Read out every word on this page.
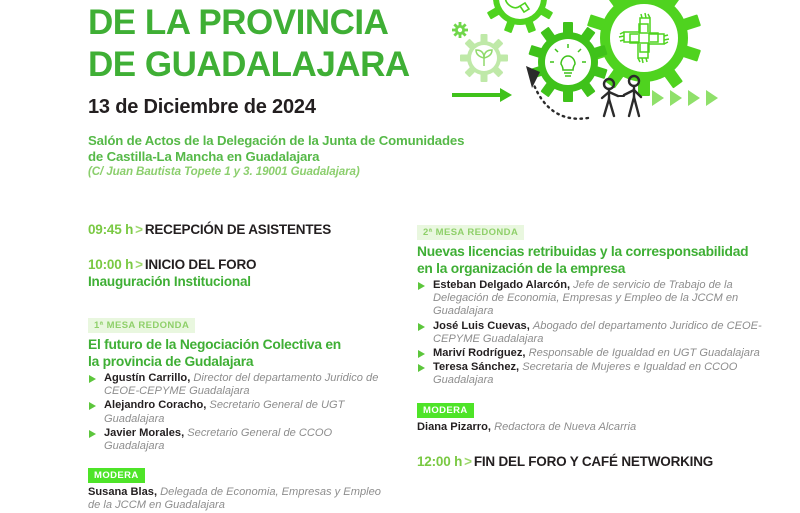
DE LA PROVINCIA
DE GUADALAJARA
13 de Diciembre de 2024
Salón de Actos de la Delegación de la Junta de Comunidades
de Castilla-La Mancha en Guadalajara
(C/ Juan Bautista Topete 1 y 3. 19001 Guadalajara)
09:45 h > RECEPCIÓN DE ASISTENTES
10:00 h > INICIO DEL FORO
Inauguración Institucional
1ª MESA REDONDA
El futuro de la Negociación Colectiva en
la provincia de Gudalajara
Agustín Carrillo, Director del departamento Juridico de CEOE-CEPYME Guadalajara
Alejandro Coracho, Secretario General de UGT Guadalajara
Javier Morales, Secretario General de CCOO Guadalajara
MODERA
Susana Blas, Delegada de Economia, Empresas y Empleo de la JCCM en Guadalajara
2ª MESA REDONDA
Nuevas licencias retribuidas y la corresponsabilidad
en la organización de la empresa
Esteban Delgado Alarcón, Jefe de servicio de Trabajo de la Delegación de Economia, Empresas y Empleo de la JCCM en Guadalajara
José Luis Cuevas, Abogado del departamento Juridico de CEOE-CEPYME Guadalajara
Mariví Rodríguez, Responsable de Igualdad en UGT Guadalajara
Teresa Sánchez, Secretaria de Mujeres e Igualdad en CCOO Guadalajara
MODERA
Diana Pizarro, Redactora de Nueva Alcarria
12:00 h > FIN DEL FORO Y CAFÉ NETWORKING
